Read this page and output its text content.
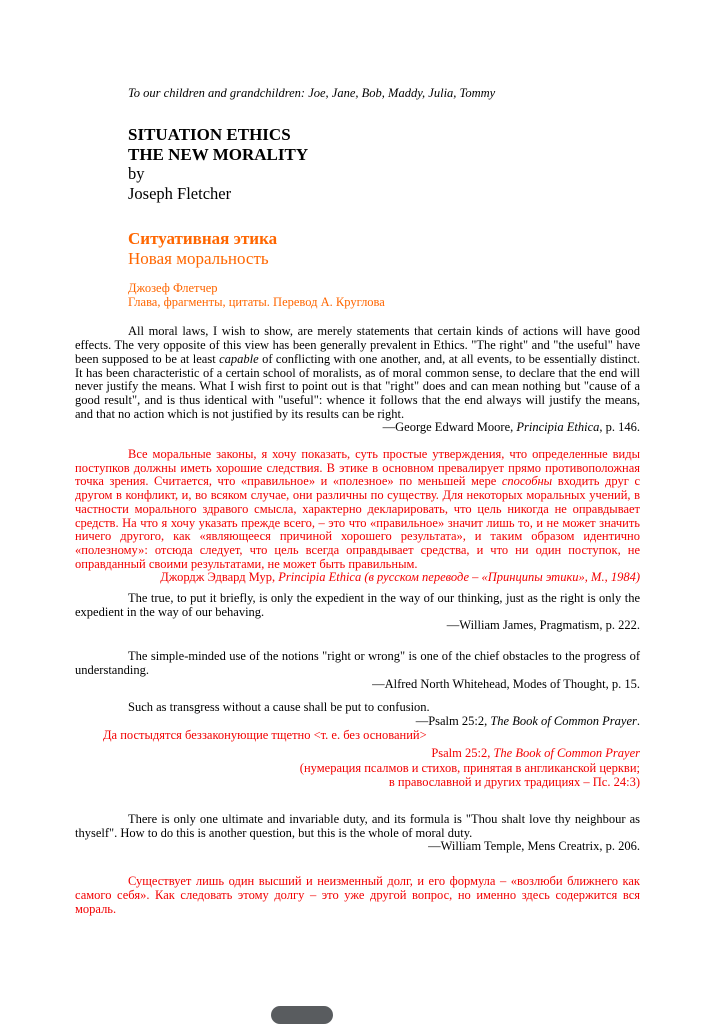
To our children and grandchildren: Joe, Jane, Bob, Maddy, Julia, Tommy

SITUATION ETHICS

THE NEW MORALITY

by

Joseph Fletcher

Ситуативная этика

Новая моральность

Джозеф Флетчер

Глава, фрагменты, цитаты. Перевод А. Круглова

All moral laws, I wish to show, are merely statements that certain kinds of actions will have good effects. The very opposite of this view has been generally prevalent in Ethics. "The right" and "the useful" have been supposed to be at least capable of conflicting with one another, and, at all events, to be essentially distinct. It has been characteristic of a certain school of moralists, as of moral common sense, to declare that the end will never justify the means. What I wish first to point out is that "right" does and can mean nothing but "cause of a good result", and is thus identical with "useful": whence it follows that the end always will justify the means, and that no action which is not justified by its results can be right.

—George Edward Moore, Principia Ethica, p. 146.

Все моральные законы, я хочу показать, суть простые утверждения, что определенные виды поступков должны иметь хорошие следствия. В этике в основном превалирует прямо противоположная точка зрения. Считается, что «правильное» и «полезное» по меньшей мере способны входить друг с другом в конфликт, и, во всяком случае, они различны по существу. Для некоторых моральных учений, в частности морального здравого смысла, характерно декларировать, что цель никогда не оправдывает средств. На что я хочу указать прежде всего, – это что «правильное» значит лишь то, и не может значить ничего другого, как «являющееся причиной хорошего результата», и таким образом идентично «полезному»: отсюда следует, что цель всегда оправдывает средства, и что ни один поступок, не оправданный своими результатами, не может быть правильным.

Джордж Эдвард Мур, Principia Ethica (в русском переводе – «Принципы этики», М., 1984)

The true, to put it briefly, is only the expedient in the way of our thinking, just as the right is only the expedient in the way of our behaving.

—William James, Pragmatism, p. 222.

The simple-minded use of the notions "right or wrong" is one of the chief obstacles to the progress of understanding.

—Alfred North Whitehead, Modes of Thought, p. 15.

Such as transgress without a cause shall be put to confusion.

—Psalm 25:2, The Book of Common Prayer.

Да постыдятся беззаконующие тщетно <т. е. без оснований>

Psalm 25:2, The Book of Common Prayer

(нумерация псалмов и стихов, принятая в англиканской церкви;

в православной и других традициях – Пс. 24:3)

There is only one ultimate and invariable duty, and its formula is "Thou shalt love thy neighbour as thyself". How to do this is another question, but this is the whole of moral duty.

—William Temple, Mens Creatrix, p. 206.

Существует лишь один высший и неизменный долг, и его формула – «возлюби ближнего как самого себя». Как следовать этому долгу – это уже другой вопрос, но именно здесь содержится вся мораль.
